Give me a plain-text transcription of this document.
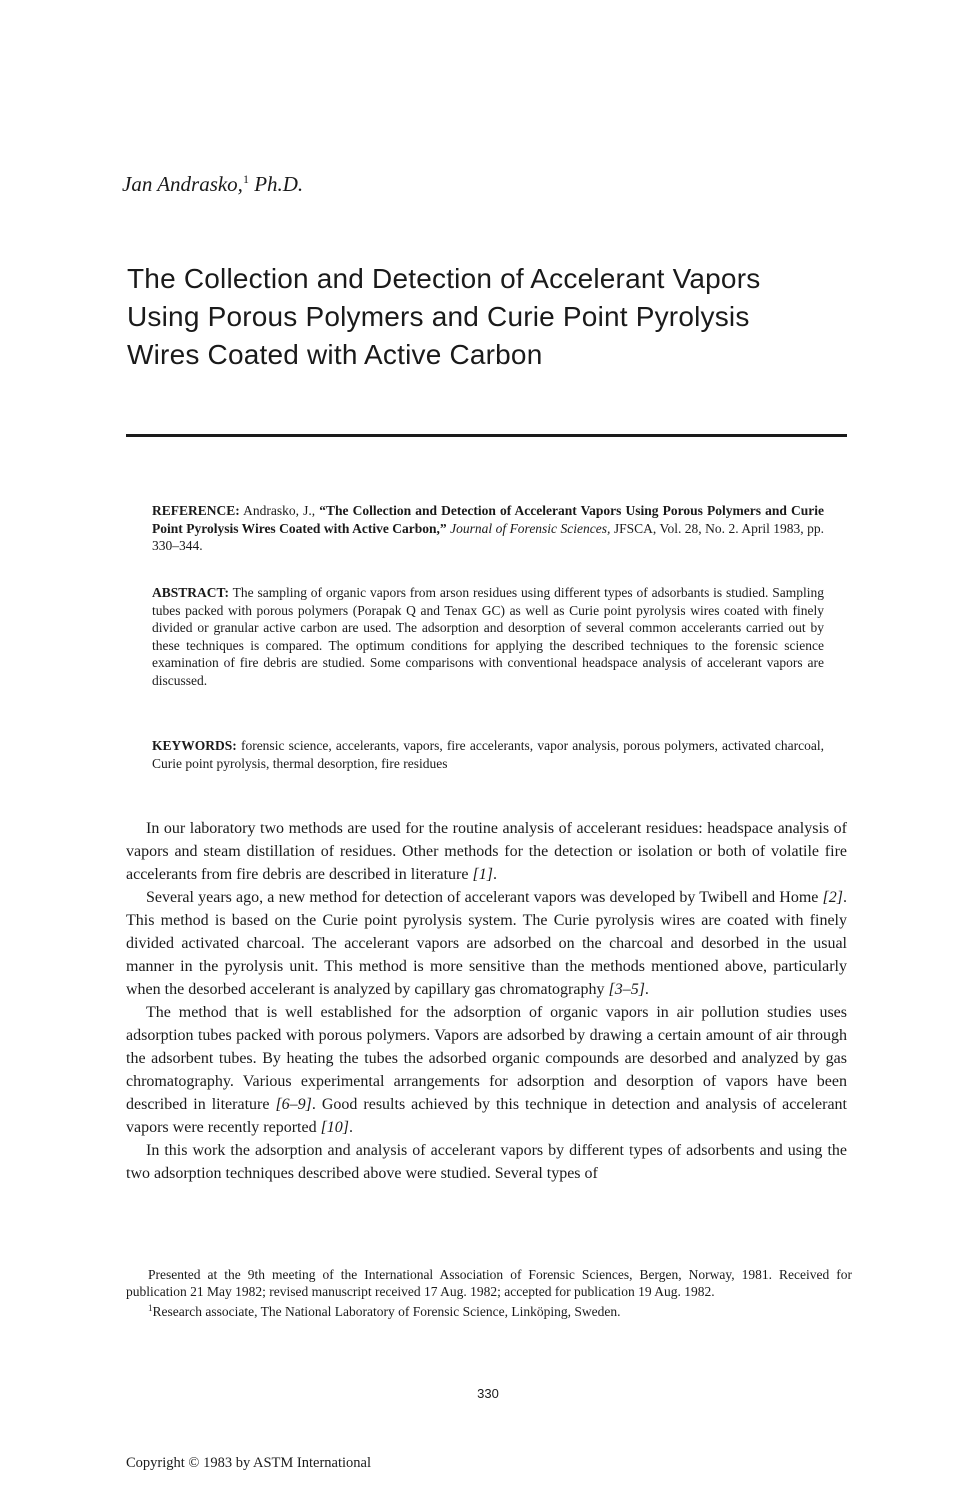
Jan Andrasko,$^1$ Ph.D.
The Collection and Detection of Accelerant Vapors
Using Porous Polymers and Curie Point Pyrolysis
Wires Coated with Active Carbon
REFERENCE: Andrasko, J., “The Collection and Detection of Accelerant Vapors Using Porous Polymers and Curie Point Pyrolysis Wires Coated with Active Carbon,” Journal of Forensic Sciences, JFSCA, Vol. 28, No. 2. April 1983, pp. 330–344.
ABSTRACT: The sampling of organic vapors from arson residues using different types of adsorbants is studied. Sampling tubes packed with porous polymers (Porapak Q and Tenax GC) as well as Curie point pyrolysis wires coated with finely divided or granular active carbon are used. The adsorption and desorption of several common accelerants carried out by these techniques is compared. The optimum conditions for applying the described techniques to the forensic science examination of fire debris are studied. Some comparisons with conventional headspace analysis of accelerant vapors are discussed.
KEYWORDS: forensic science, accelerants, vapors, fire accelerants, vapor analysis, porous polymers, activated charcoal, Curie point pyrolysis, thermal desorption, fire residues

In our laboratory two methods are used for the routine analysis of accelerant residues: headspace analysis of vapors and steam distillation of residues. Other methods for the detection or isolation or both of volatile fire accelerants from fire debris are described in literature [1].

Several years ago, a new method for detection of accelerant vapors was developed by Twibell and Home [2]. This method is based on the Curie point pyrolysis system. The Curie pyrolysis wires are coated with finely divided activated charcoal. The accelerant vapors are adsorbed on the charcoal and desorbed in the usual manner in the pyrolysis unit. This method is more sensitive than the methods mentioned above, particularly when the desorbed accelerant is analyzed by capillary gas chromatography [3–5].

The method that is well established for the adsorption of organic vapors in air pollution studies uses adsorption tubes packed with porous polymers. Vapors are adsorbed by drawing a certain amount of air through the adsorbent tubes. By heating the tubes the adsorbed organic compounds are desorbed and analyzed by gas chromatography. Various experimental arrangements for adsorption and desorption of vapors have been described in literature [6–9]. Good results achieved by this technique in detection and analysis of accelerant vapors were recently reported [10].

In this work the adsorption and analysis of accelerant vapors by different types of adsorbents and using the two adsorption techniques described above were studied. Several types of

Presented at the 9th meeting of the International Association of Forensic Sciences, Bergen, Norway, 1981. Received for publication 21 May 1982; revised manuscript received 17 Aug. 1982; accepted for publication 19 Aug. 1982.

$^1$Research associate, The National Laboratory of Forensic Science, Linköping, Sweden.

330
Copyright © 1983 by ASTM International
